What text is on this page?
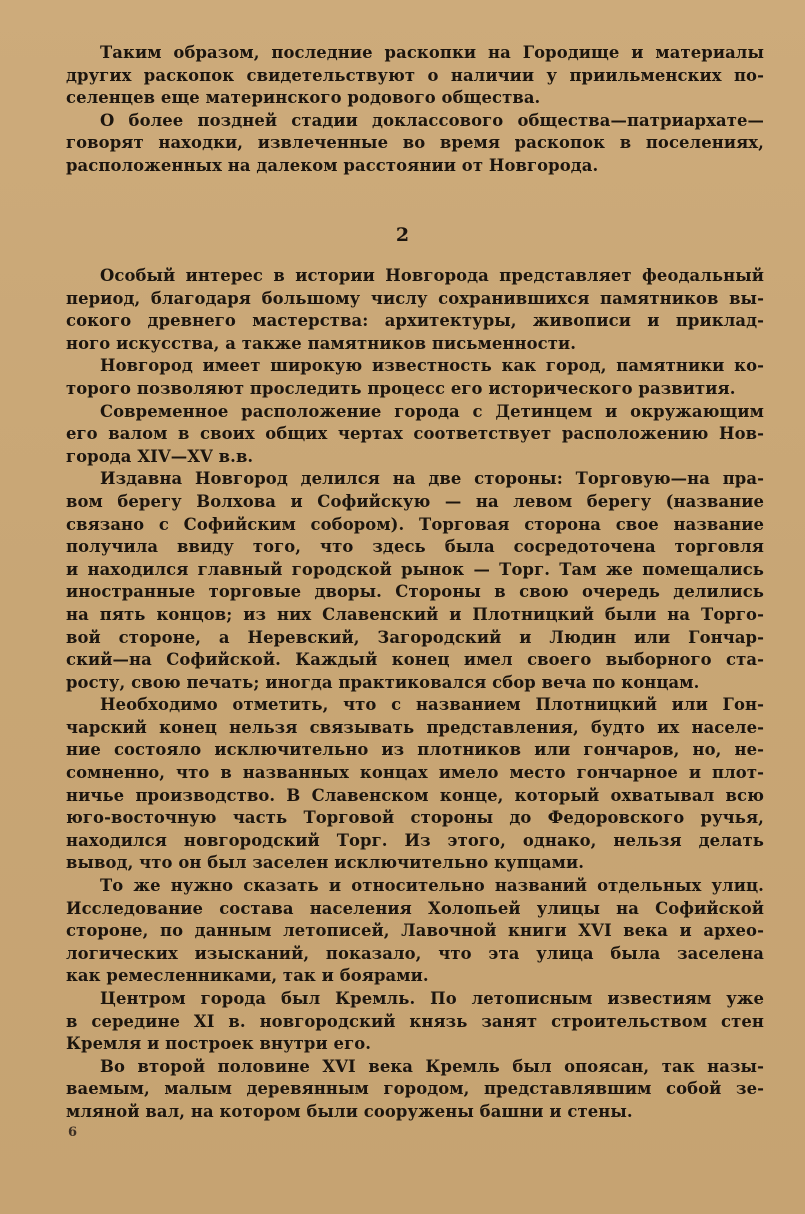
Таким образом, последние раскопки на Городище и материалы
других раскопок свидетельствуют о наличии у приильменских по-
селенцев еще материнского родового общества.
О более поздней стадии доклассового общества—патриархате—
говорят находки, извлеченные во время раскопок в поселениях,
расположенных на далеком расстоянии от Новгорода.
2
Особый интерес в истории Новгорода представляет феодальный
период, благодаря большому числу сохранившихся памятников вы-
сокого древнего мастерства: архитектуры, живописи и приклад-
ного искусства, а также памятников письменности.
Новгород имеет широкую известность как город, памятники ко-
торого позволяют проследить процесс его исторического развития.
Современное расположение города с Детинцем и окружающим
его валом в своих общих чертах соответствует расположению Нов-
города XIV—XV в.в.
Издавна Новгород делился на две стороны: Торговую—на пра-
вом берегу Волхова и Софийскую — на левом берегу (название
связано с Софийским собором). Торговая сторона свое название
получила ввиду того, что здесь была сосредоточена торговля
и находился главный городской рынок — Торг. Там же помещались
иностранные торговые дворы. Стороны в свою очередь делились
на пять концов; из них Славенский и Плотницкий были на Торго-
вой стороне, а Неревский, Загородский и Людин или Гончар-
ский—на Софийской. Каждый конец имел своего выборного ста-
росту, свою печать; иногда практиковался сбор веча по концам.
Необходимо отметить, что с названием Плотницкий или Гон-
чарский конец нельзя связывать представления, будто их населе-
ние состояло исключительно из плотников или гончаров, но, не-
сомненно, что в названных концах имело место гончарное и плот-
ничье производство. В Славенском конце, который охватывал всю
юго-восточную часть Торговой стороны до Федоровского ручья,
находился новгородский Торг. Из этого, однако, нельзя делать
вывод, что он был заселен исключительно купцами.
То же нужно сказать и относительно названий отдельных улиц.
Исследование состава населения Холопьей улицы на Софийской
стороне, по данным летописей, Лавочной книги XVI века и архео-
логических изысканий, показало, что эта улица была заселена
как ремесленниками, так и боярами.
Центром города был Кремль. По летописным известиям уже
в середине XI в. новгородский князь занят строительством стен
Кремля и построек внутри его.
Во второй половине XVI века Кремль был опоясан, так назы-
ваемым, малым деревянным городом, представлявшим собой зе-
мляной вал, на котором были сооружены башни и стены.
6
